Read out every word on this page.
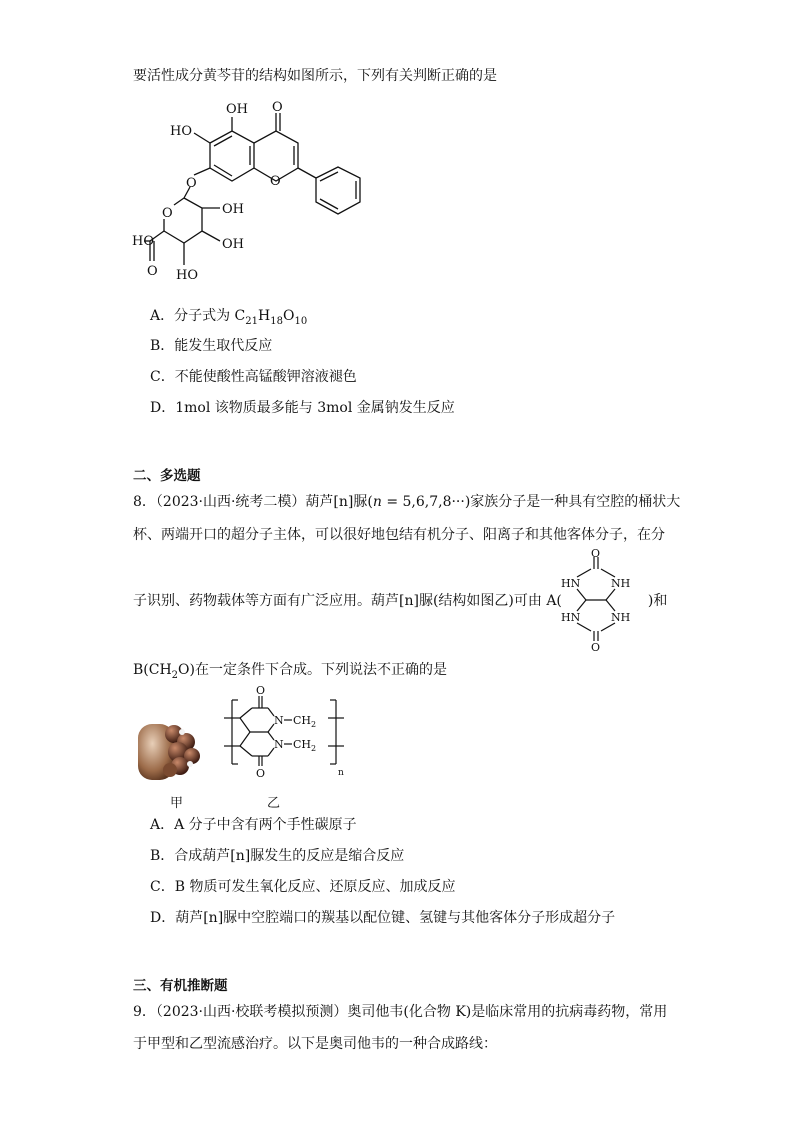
要活性成分黄芩苷的结构如图所示，下列有关判断正确的是
OH O
HO
O	O
O	OH
OH
HO
HO
O
A．分子式为 $C_{21}H_{18}O_{10}$
B．能发生取代反应
C．不能使酸性高锰酸钾溶液褪色
D．1mol 该物质最多能与 3mol 金属钠发生反应
二、多选题
8．（2023·山西·统考二模）葫芦[n]脲(n = 5,6,7,8···)家族分子是一种具有空腔的桶状大
杯、两端开口的超分子主体，可以很好地包结有机分子、阳离子和其他客体分子，在分
子识别、药物载体等方面有广泛应用。葫芦[n]脲(结构如图乙)可由 A(	)和
O
HN	NH
HN	NH
O
$B(CH_2O)$在一定条件下合成。下列说法不正确的是
O
N $CH_2$
N $CH_2$
O	n
甲	乙
A．A 分子中含有两个手性碳原子
B．合成葫芦[n]脲发生的反应是缩合反应
C．B 物质可发生氧化反应、还原反应、加成反应
D．葫芦[n]脲中空腔端口的羰基以配位键、氢键与其他客体分子形成超分子
三、有机推断题
9．（2023·山西·校联考模拟预测）奥司他韦(化合物 K)是临床常用的抗病毒药物，常用
于甲型和乙型流感治疗。以下是奥司他韦的一种合成路线：
